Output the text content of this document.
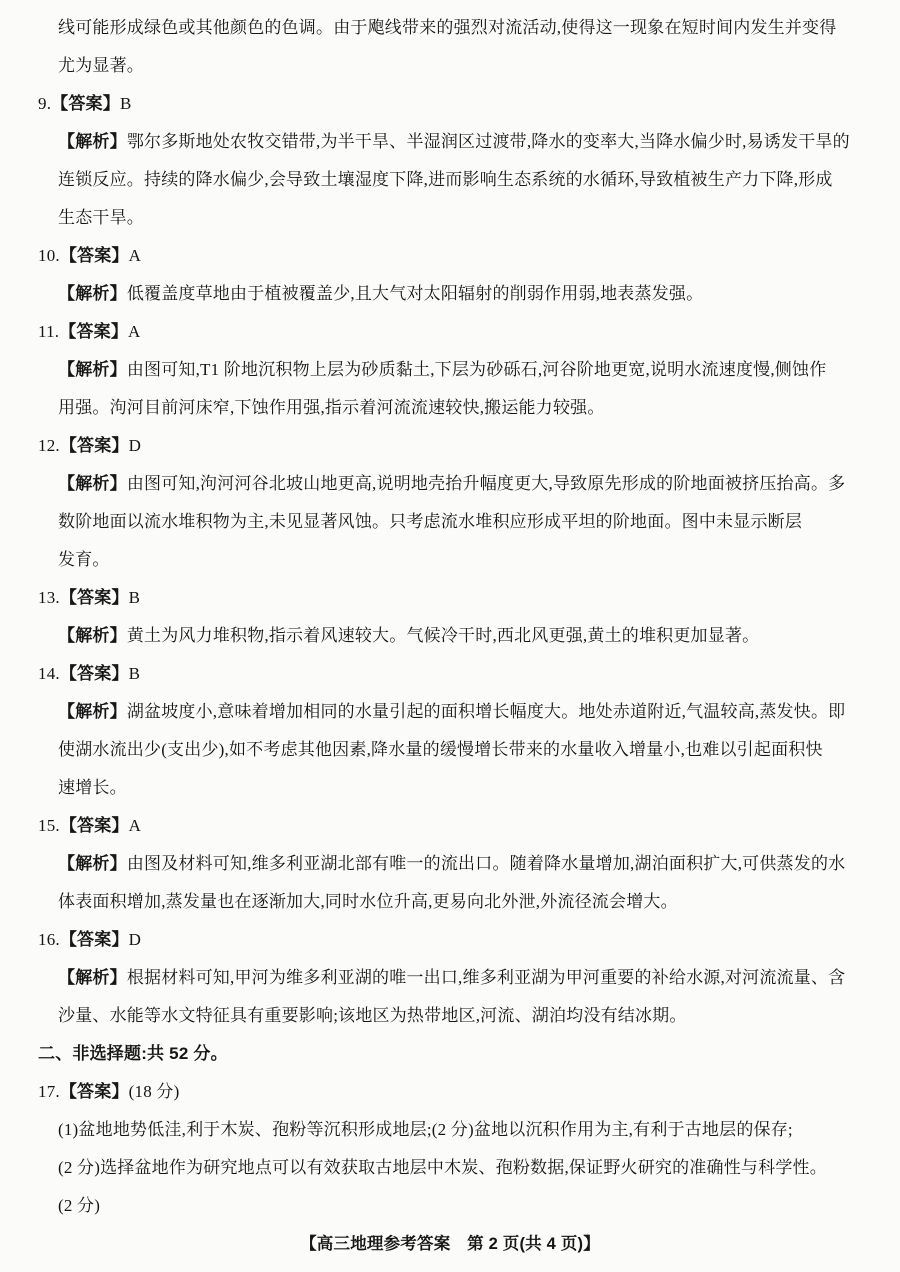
线可能形成绿色或其他颜色的色调。由于飑线带来的强烈对流活动,使得这一现象在短时间内发生并变得
尤为显著。
9.【答案】B
【解析】鄂尔多斯地处农牧交错带,为半干旱、半湿润区过渡带,降水的变率大,当降水偏少时,易诱发干旱的
连锁反应。持续的降水偏少,会导致土壤湿度下降,进而影响生态系统的水循环,导致植被生产力下降,形成
生态干旱。
10.【答案】A
【解析】低覆盖度草地由于植被覆盖少,且大气对太阳辐射的削弱作用弱,地表蒸发强。
11.【答案】A
【解析】由图可知,T1 阶地沉积物上层为砂质黏土,下层为砂砾石,河谷阶地更宽,说明水流速度慢,侧蚀作
用强。泃河目前河床窄,下蚀作用强,指示着河流流速较快,搬运能力较强。
12.【答案】D
【解析】由图可知,泃河河谷北坡山地更高,说明地壳抬升幅度更大,导致原先形成的阶地面被挤压抬高。多
数阶地面以流水堆积物为主,未见显著风蚀。只考虑流水堆积应形成平坦的阶地面。图中未显示断层
发育。
13.【答案】B
【解析】黄土为风力堆积物,指示着风速较大。气候冷干时,西北风更强,黄土的堆积更加显著。
14.【答案】B
【解析】湖盆坡度小,意味着增加相同的水量引起的面积增长幅度大。地处赤道附近,气温较高,蒸发快。即
使湖水流出少(支出少),如不考虑其他因素,降水量的缓慢增长带来的水量收入增量小,也难以引起面积快
速增长。
15.【答案】A
【解析】由图及材料可知,维多利亚湖北部有唯一的流出口。随着降水量增加,湖泊面积扩大,可供蒸发的水
体表面积增加,蒸发量也在逐渐加大,同时水位升高,更易向北外泄,外流径流会增大。
16.【答案】D
【解析】根据材料可知,甲河为维多利亚湖的唯一出口,维多利亚湖为甲河重要的补给水源,对河流流量、含
沙量、水能等水文特征具有重要影响;该地区为热带地区,河流、湖泊均没有结冰期。
二、非选择题:共 52 分。
17.【答案】(18 分)
(1)盆地地势低洼,利于木炭、孢粉等沉积形成地层;(2 分)盆地以沉积作用为主,有利于古地层的保存;
(2 分)选择盆地作为研究地点可以有效获取古地层中木炭、孢粉数据,保证野火研究的准确性与科学性。
(2 分)
【高三地理参考答案　第 2 页(共 4 页)】
